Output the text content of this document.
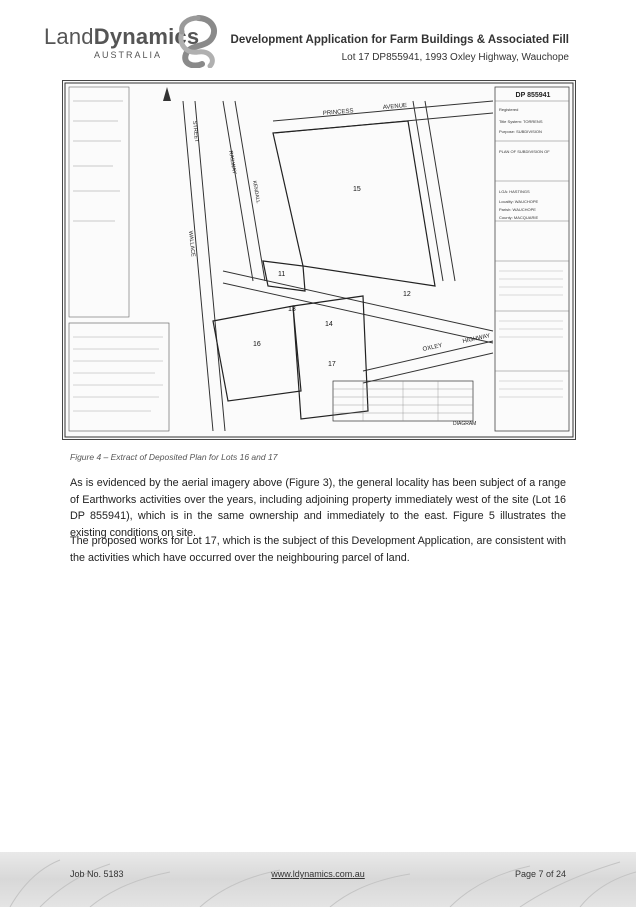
LandDynamics
AUSTRALIA
Development Application for Farm Buildings & Associated Fill
Lot 17 DP855941, 1993 Oxley Highway, Wauchope
DP 855941
Registered
Title System: TORRENS
Purpose: SUBDIVISION
PLAN OF SUBDIVISION OF
LGA: HASTINGS
Locality: WAUCHOPE
Parish: WAUCHOPE
County: MACQUARIE
PRINCESS
AVENUE
OXLEY
HIGHWAY
WALLACE
RAILWAY
STREET
KENDALL	15
16
17
12
13
14
11
DIAGRAM
Figure 4 – Extract of Deposited Plan for Lots 16 and 17

As is evidenced by the aerial imagery above (Figure 3), the general locality has been subject of a range of Earthworks activities over the years, including adjoining property immediately west of the site (Lot 16 DP 855941), which is in the same ownership and immediately to the east. Figure 5 illustrates the existing conditions on site.

The proposed works for Lot 17, which is the subject of this Development Application, are consistent with the activities which have occurred over the neighbouring parcel of land.

Job No. 5183	www.ldynamics.com.au	Page 7 of 24
